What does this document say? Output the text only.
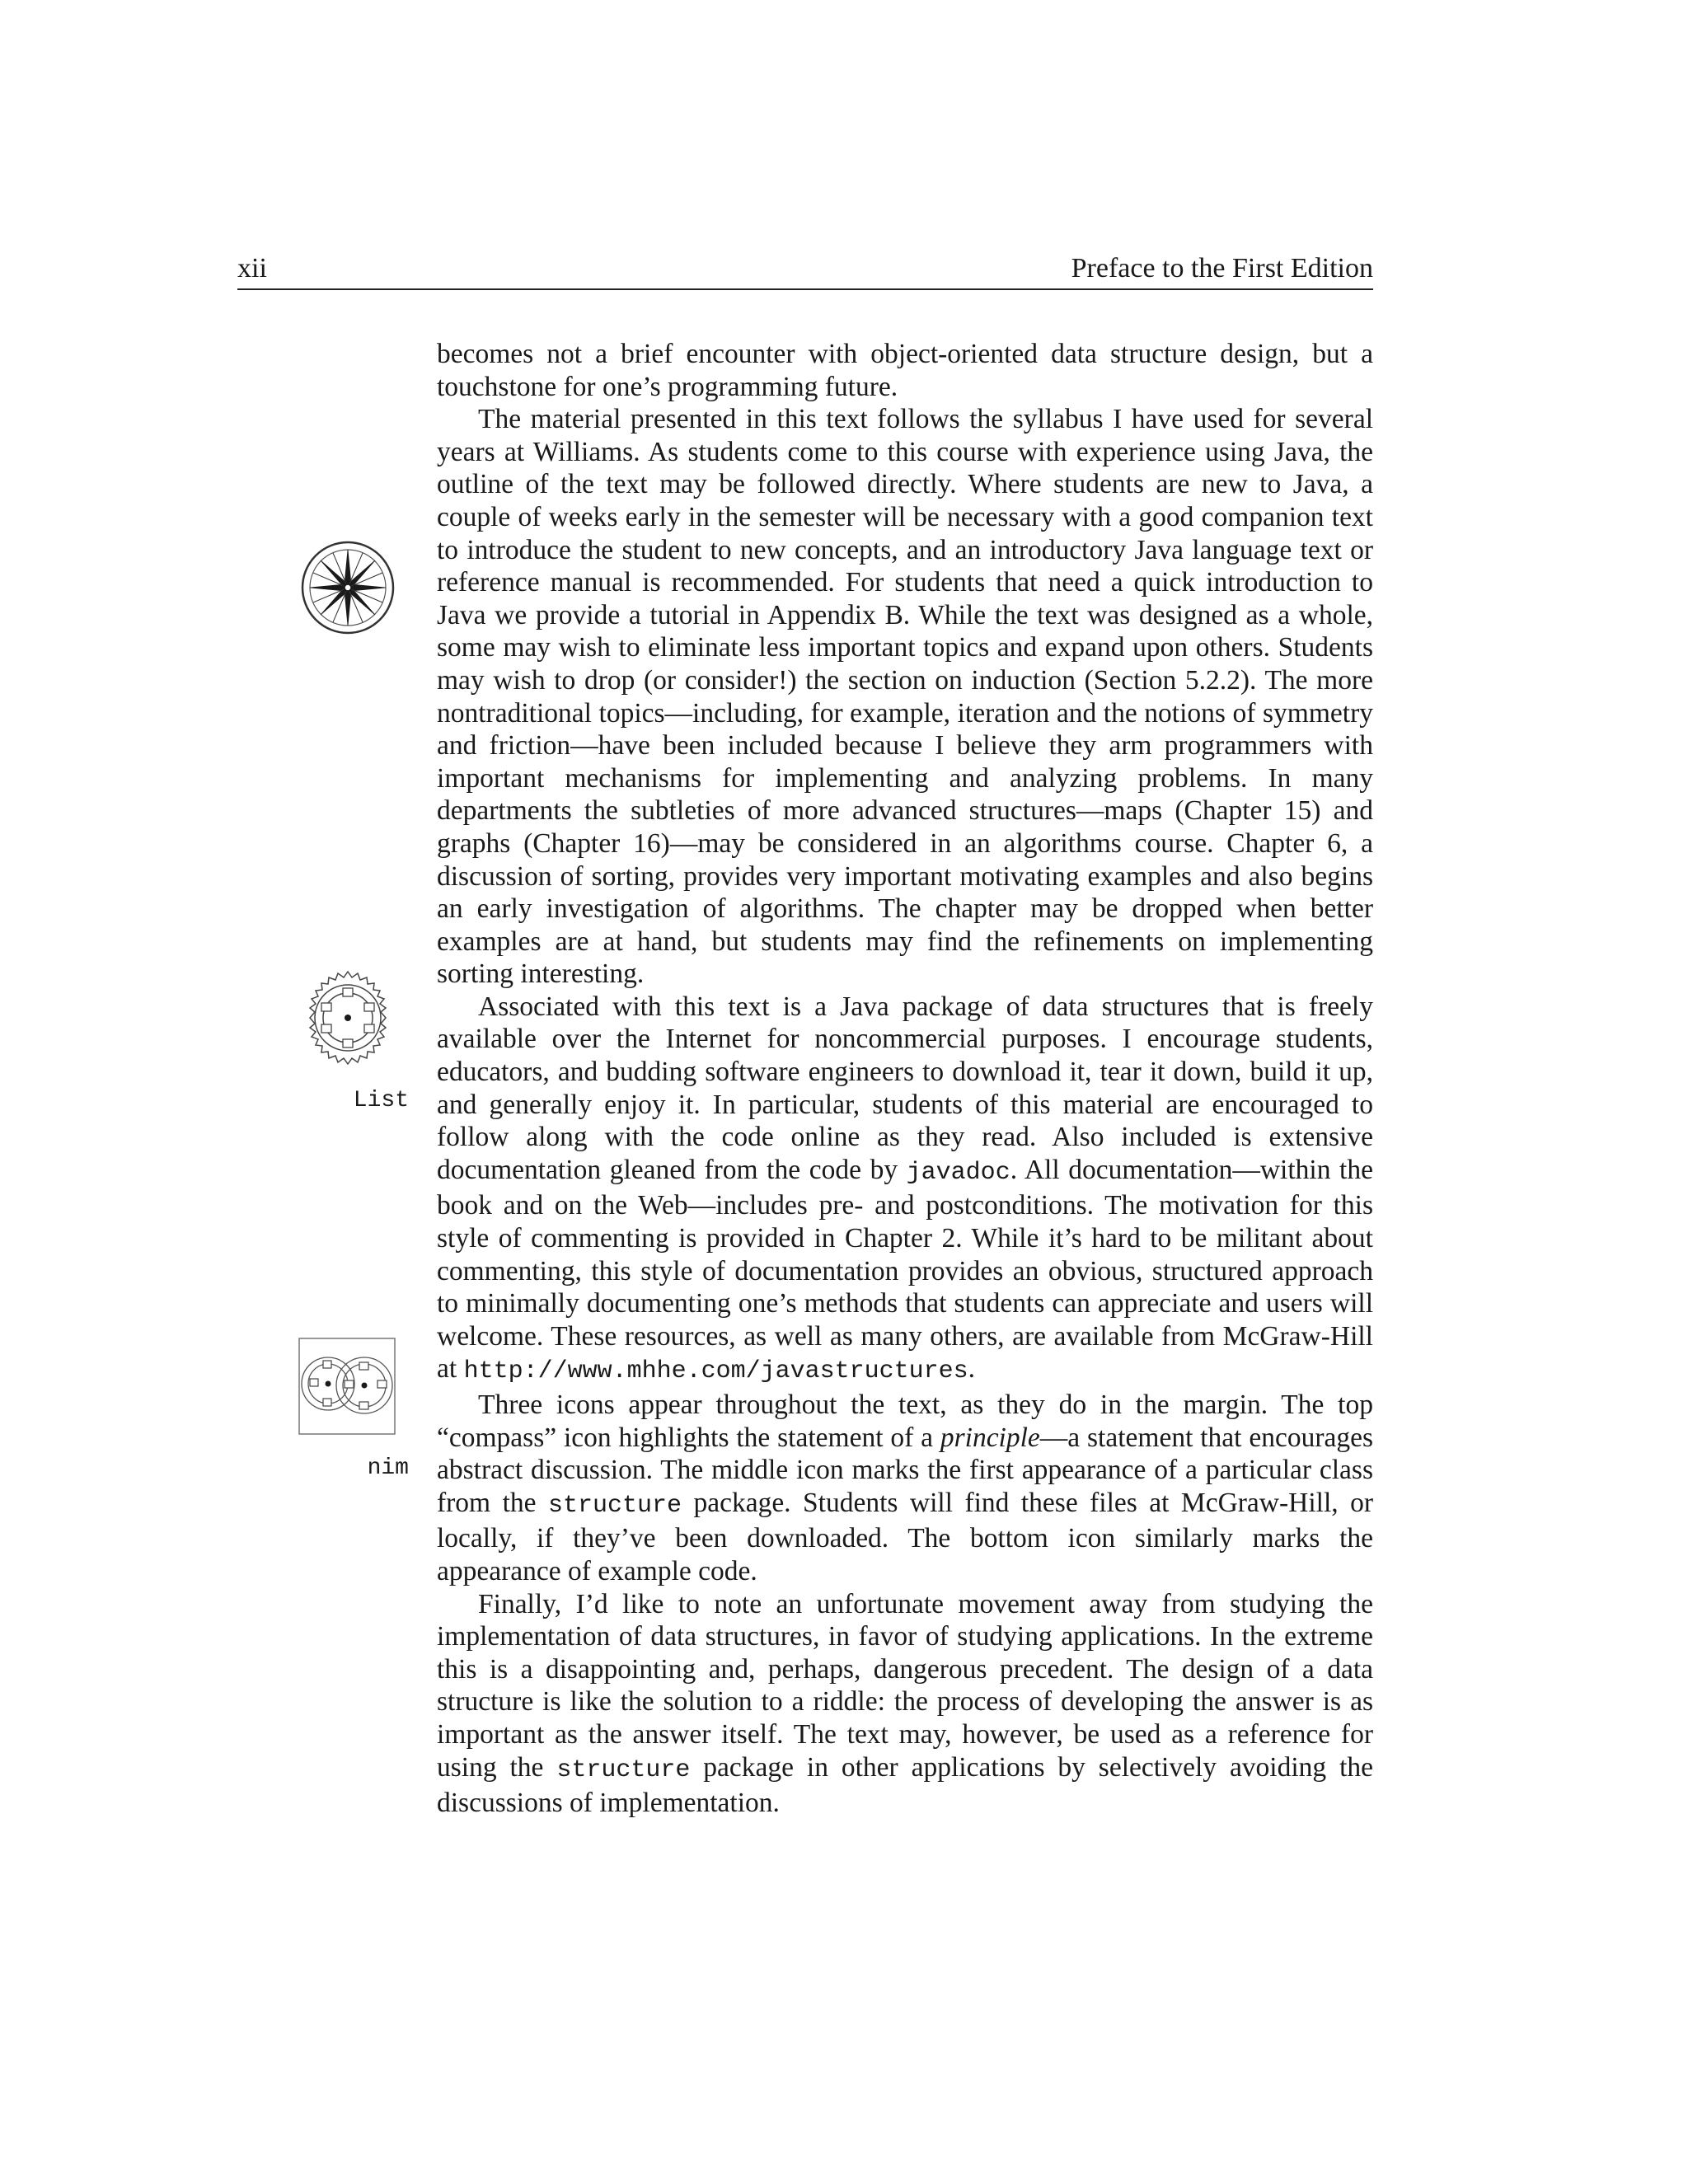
xii	Preface to the First Edition
List
nim

becomes not a brief encounter with object-oriented data structure design, but a touchstone for one’s programming future.

The material presented in this text follows the syllabus I have used for several years at Williams. As students come to this course with experience using Java, the outline of the text may be followed directly. Where students are new to Java, a couple of weeks early in the semester will be necessary with a good companion text to introduce the student to new concepts, and an introductory Java language text or reference manual is recommended. For students that need a quick introduction to Java we provide a tutorial in Appendix B. While the text was designed as a whole, some may wish to eliminate less important topics and expand upon others. Students may wish to drop (or consider!) the section on induction (Section 5.2.2). The more nontraditional topics—including, for example, iteration and the notions of symmetry and friction—have been included because I believe they arm programmers with important mechanisms for implementing and analyzing problems. In many departments the subtleties of more advanced structures—maps (Chapter 15) and graphs (Chapter 16)—may be considered in an algorithms course. Chapter 6, a discussion of sorting, provides very important motivating examples and also begins an early investigation of algorithms. The chapter may be dropped when better examples are at hand, but students may find the refinements on implementing sorting interesting.

Associated with this text is a Java package of data structures that is freely available over the Internet for noncommercial purposes. I encourage students, educators, and budding software engineers to download it, tear it down, build it up, and generally enjoy it. In particular, students of this material are encouraged to follow along with the code online as they read. Also included is extensive documentation gleaned from the code by javadoc. All documentation—within the book and on the Web—includes pre- and postconditions. The motivation for this style of commenting is provided in Chapter 2. While it’s hard to be militant about commenting, this style of documentation provides an obvious, structured approach to minimally documenting one’s methods that students can appreciate and users will welcome. These resources, as well as many others, are available from McGraw-Hill at http://www.mhhe.com/javastructures.

Three icons appear throughout the text, as they do in the margin. The top “compass” icon highlights the statement of a principle—a statement that encourages abstract discussion. The middle icon marks the first appearance of a particular class from the structure package. Students will find these files at McGraw-Hill, or locally, if they’ve been downloaded. The bottom icon similarly marks the appearance of example code.

Finally, I’d like to note an unfortunate movement away from studying the implementation of data structures, in favor of studying applications. In the extreme this is a disappointing and, perhaps, dangerous precedent. The design of a data structure is like the solution to a riddle: the process of developing the answer is as important as the answer itself. The text may, however, be used as a reference for using the structure package in other applications by selectively avoiding the discussions of implementation.
